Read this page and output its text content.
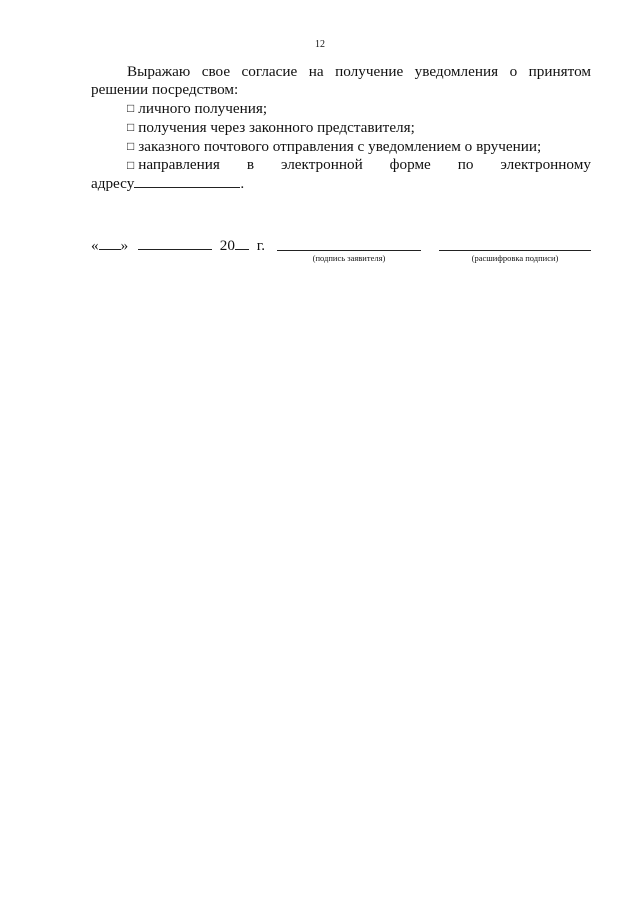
12
Выражаю свое согласие на получение уведомления о принятом
решении посредством:
□ личного получения;
□ получения через законного представителя;
□ заказного почтового отправления с уведомлением о вручении;
□ направления в электронной форме по электронному
адресу	.
« »	20 г.
(подпись заявителя)	(расшифровка подписи)
